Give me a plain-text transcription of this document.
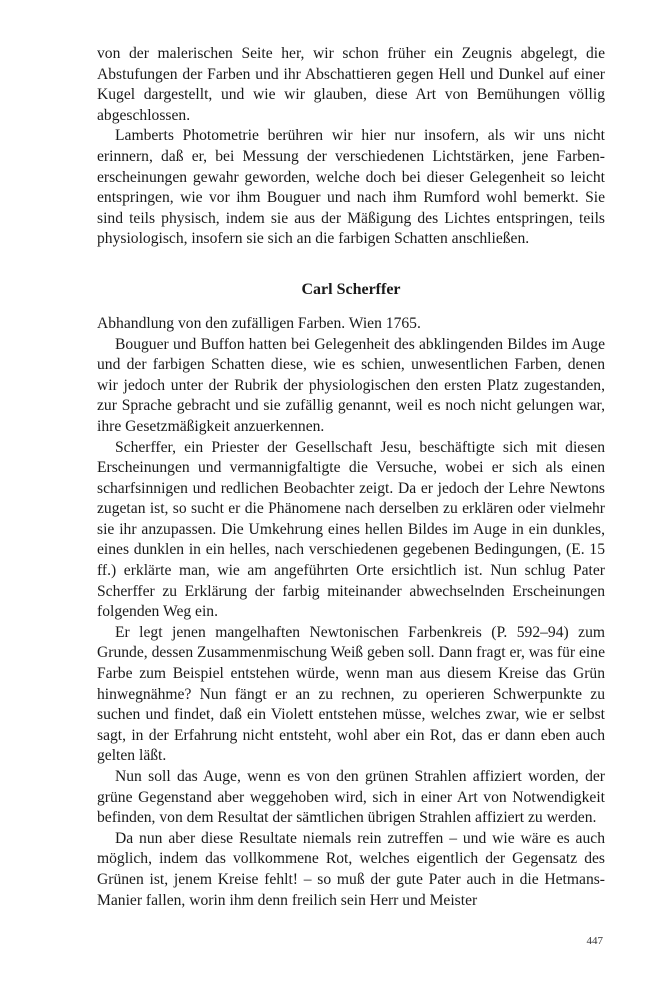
von der malerischen Seite her, wir schon früher ein Zeugnis abgelegt, die Abstufungen der Farben und ihr Abschattieren gegen Hell und Dunkel auf einer Kugel dargestellt, und wie wir glauben, diese Art von Bemühungen völlig abgeschlossen.

Lamberts Photometrie berühren wir hier nur insofern, als wir uns nicht erinnern, daß er, bei Messung der verschiedenen Lichtstärken, jene Farbenerscheinungen gewahr geworden, welche doch bei dieser Gelegenheit so leicht entspringen, wie vor ihm Bouguer und nach ihm Rumford wohl bemerkt. Sie sind teils physisch, indem sie aus der Mäßigung des Lichtes entspringen, teils physiologisch, insofern sie sich an die farbigen Schatten anschließen.

Carl Scherffer

Abhandlung von den zufälligen Farben. Wien 1765.

Bouguer und Buffon hatten bei Gelegenheit des abklingenden Bildes im Auge und der farbigen Schatten diese, wie es schien, unwesentlichen Farben, denen wir jedoch unter der Rubrik der physiologischen den ersten Platz zugestanden, zur Sprache gebracht und sie zufällig genannt, weil es noch nicht gelungen war, ihre Gesetzmäßigkeit anzuerkennen.

Scherffer, ein Priester der Gesellschaft Jesu, beschäftigte sich mit diesen Erscheinungen und vermannigfaltigte die Versuche, wobei er sich als einen scharfsinnigen und redlichen Beobachter zeigt. Da er jedoch der Lehre Newtons zugetan ist, so sucht er die Phänomene nach derselben zu erklären oder vielmehr sie ihr anzupassen. Die Umkehrung eines hellen Bildes im Auge in ein dunkles, eines dunklen in ein helles, nach verschiedenen gegebenen Bedingungen, (E. 15 ff.) erklärte man, wie am angeführten Orte ersichtlich ist. Nun schlug Pater Scherffer zu Erklärung der farbig miteinander abwechselnden Erscheinungen folgenden Weg ein.

Er legt jenen mangelhaften Newtonischen Farbenkreis (P. 592–94) zum Grunde, dessen Zusammenmischung Weiß geben soll. Dann fragt er, was für eine Farbe zum Beispiel entstehen würde, wenn man aus diesem Kreise das Grün hinwegnähme? Nun fängt er an zu rechnen, zu operieren Schwerpunkte zu suchen und findet, daß ein Violett entstehen müsse, welches zwar, wie er selbst sagt, in der Erfahrung nicht entsteht, wohl aber ein Rot, das er dann eben auch gelten läßt.

Nun soll das Auge, wenn es von den grünen Strahlen affiziert worden, der grüne Gegenstand aber weggehoben wird, sich in einer Art von Notwendigkeit befinden, von dem Resultat der sämtlichen übrigen Strahlen affiziert zu werden.

Da nun aber diese Resultate niemals rein zutreffen – und wie wäre es auch möglich, indem das vollkommene Rot, welches eigentlich der Gegensatz des Grünen ist, jenem Kreise fehlt! – so muß der gute Pater auch in die Hetmans-Manier fallen, worin ihm denn freilich sein Herr und Meister

447
